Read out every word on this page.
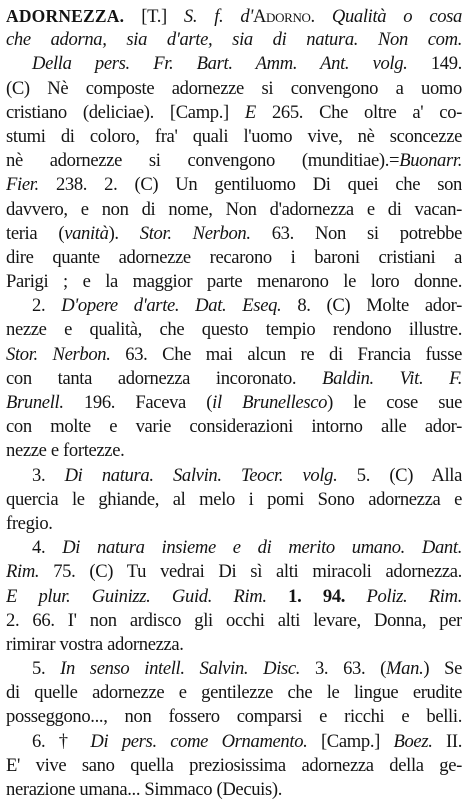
ADORNEZZA. [T.] S. f. d'Adorno. Qualità o cosa
che adorna, sia d'arte, sia di natura. Non com.
Della pers. Fr. Bart. Amm. Ant. volg. 149.
(C) Nè composte adornezze si convengono a uomo
cristiano (deliciae). [Camp.] E 265. Che oltre a' co-
stumi di coloro, fra' quali l'uomo vive, nè sconcezze
nè adornezze si convengono (munditiae).=Buonarr.
Fier. 238. 2. (C) Un gentiluomo Di quei che son
davvero, e non di nome, Non d'adornezza e di vacan-
teria (vanità). Stor. Nerbon. 63. Non si potrebbe
dire quante adornezze recarono i baroni cristiani a
Parigi ; e la maggior parte menarono le loro donne.
2. D'opere d'arte. Dat. Eseq. 8. (C) Molte ador-
nezze e qualità, che questo tempio rendono illustre.
Stor. Nerbon. 63. Che mai alcun re di Francia fusse
con tanta adornezza incoronato. Baldin. Vit. F.
Brunell. 196. Faceva (il Brunellesco) le cose sue
con molte e varie considerazioni intorno alle ador-
nezze e fortezze.
3. Di natura. Salvin. Teocr. volg. 5. (C) Alla
quercia le ghiande, al melo i pomi Sono adornezza e
fregio.
4. Di natura insieme e di merito umano. Dant.
Rim. 75. (C) Tu vedrai Di sì alti miracoli adornezza.
E plur. Guinizz. Guid. Rim. 1. 94. Poliz. Rim.
2. 66. I' non ardisco gli occhi alti levare, Donna, per
rimirar vostra adornezza.
5. In senso intell. Salvin. Disc. 3. 63. (Man.) Se
di quelle adornezze e gentilezze che le lingue erudite
posseggono..., non fossero comparsi e ricchi e belli.
6. † Di pers. come Ornamento. [Camp.] Boez. II.
E' vive sano quella preziosissima adornezza della ge-
nerazione umana... Simmaco (Decuis).
